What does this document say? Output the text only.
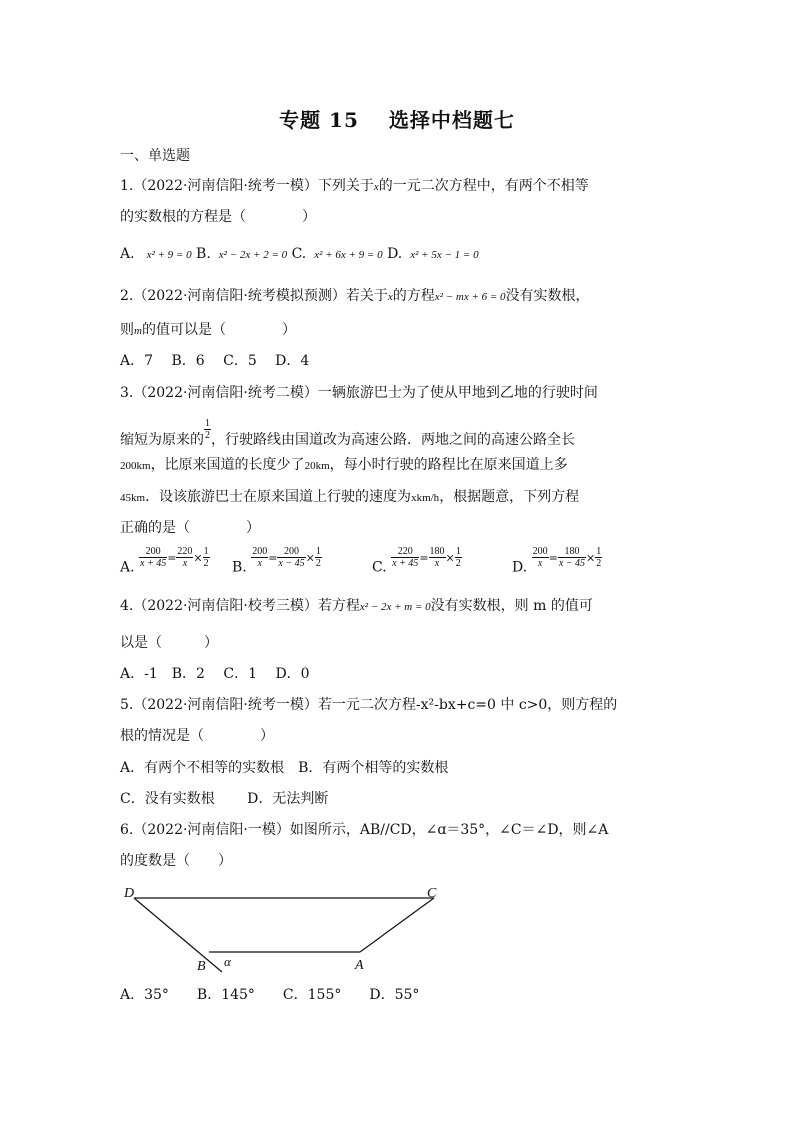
专题 15 选择中档题七
一、单选题
1.（2022·河南信阳·统考一模）下列关于x的一元二次方程中，有两个不相等
的实数根的方程是（　　　　）
A. x² + 9 = 0 B. x² − 2x + 2 = 0 C. x² + 6x + 9 = 0 D. x² + 5x − 1 = 0
2.（2022·河南信阳·统考模拟预测）若关于x的方程x² − mx + 6 = 0没有实数根，
则m的值可以是（　　　　）
A．7　 B．6　 C．5　 D．4
3.（2022·河南信阳·统考二模）一辆旅游巴士为了使从甲地到乙地的行驶时间
缩短为原来的 $\frac{1}{2}$ ，行驶路线由国道改为高速公路．两地之间的高速公路全长
200km，比原来国道的长度少了20km，每小时行驶的路程比在原来国道上多
45km．设该旅游巴士在原来国道上行驶的速度为xkm/h，根据题意，下列方程
正确的是（　　　　）
A. $\frac{200}{x + 45} = \frac{220}{x} \times \frac{1}{2} B$. $\frac{200}{x} = \frac{200}{x - 45} \times \frac{1}{2}$	C. $\frac{220}{x + 45} = \frac{180}{x} \times \frac{1}{2}$	D. $\frac{200}{x} = \frac{180}{x - 45} \times \frac{1}{2}$
4.（2022·河南信阳·校考三模）若方程x² − 2x + m = 0没有实数根，则 m 的值可
以是（　　　）
A．-1　B．2　 C．1　 D．0
5.（2022·河南信阳·统考一模）若一元二次方程-x²-bx+c=0 中 c>0，则方程的
根的情况是（　　　　）
A．有两个不相等的实数根　B．有两个相等的实数根
C．没有实数根　　 D．无法判断
6.（2022·河南信阳·一模）如图所示，AB//CD，∠ɑ＝35°，∠C＝∠D，则∠A
的度数是（　　）
D	C
B	A
α
A．35°　　B．145°　　C．155°　　D．55°
